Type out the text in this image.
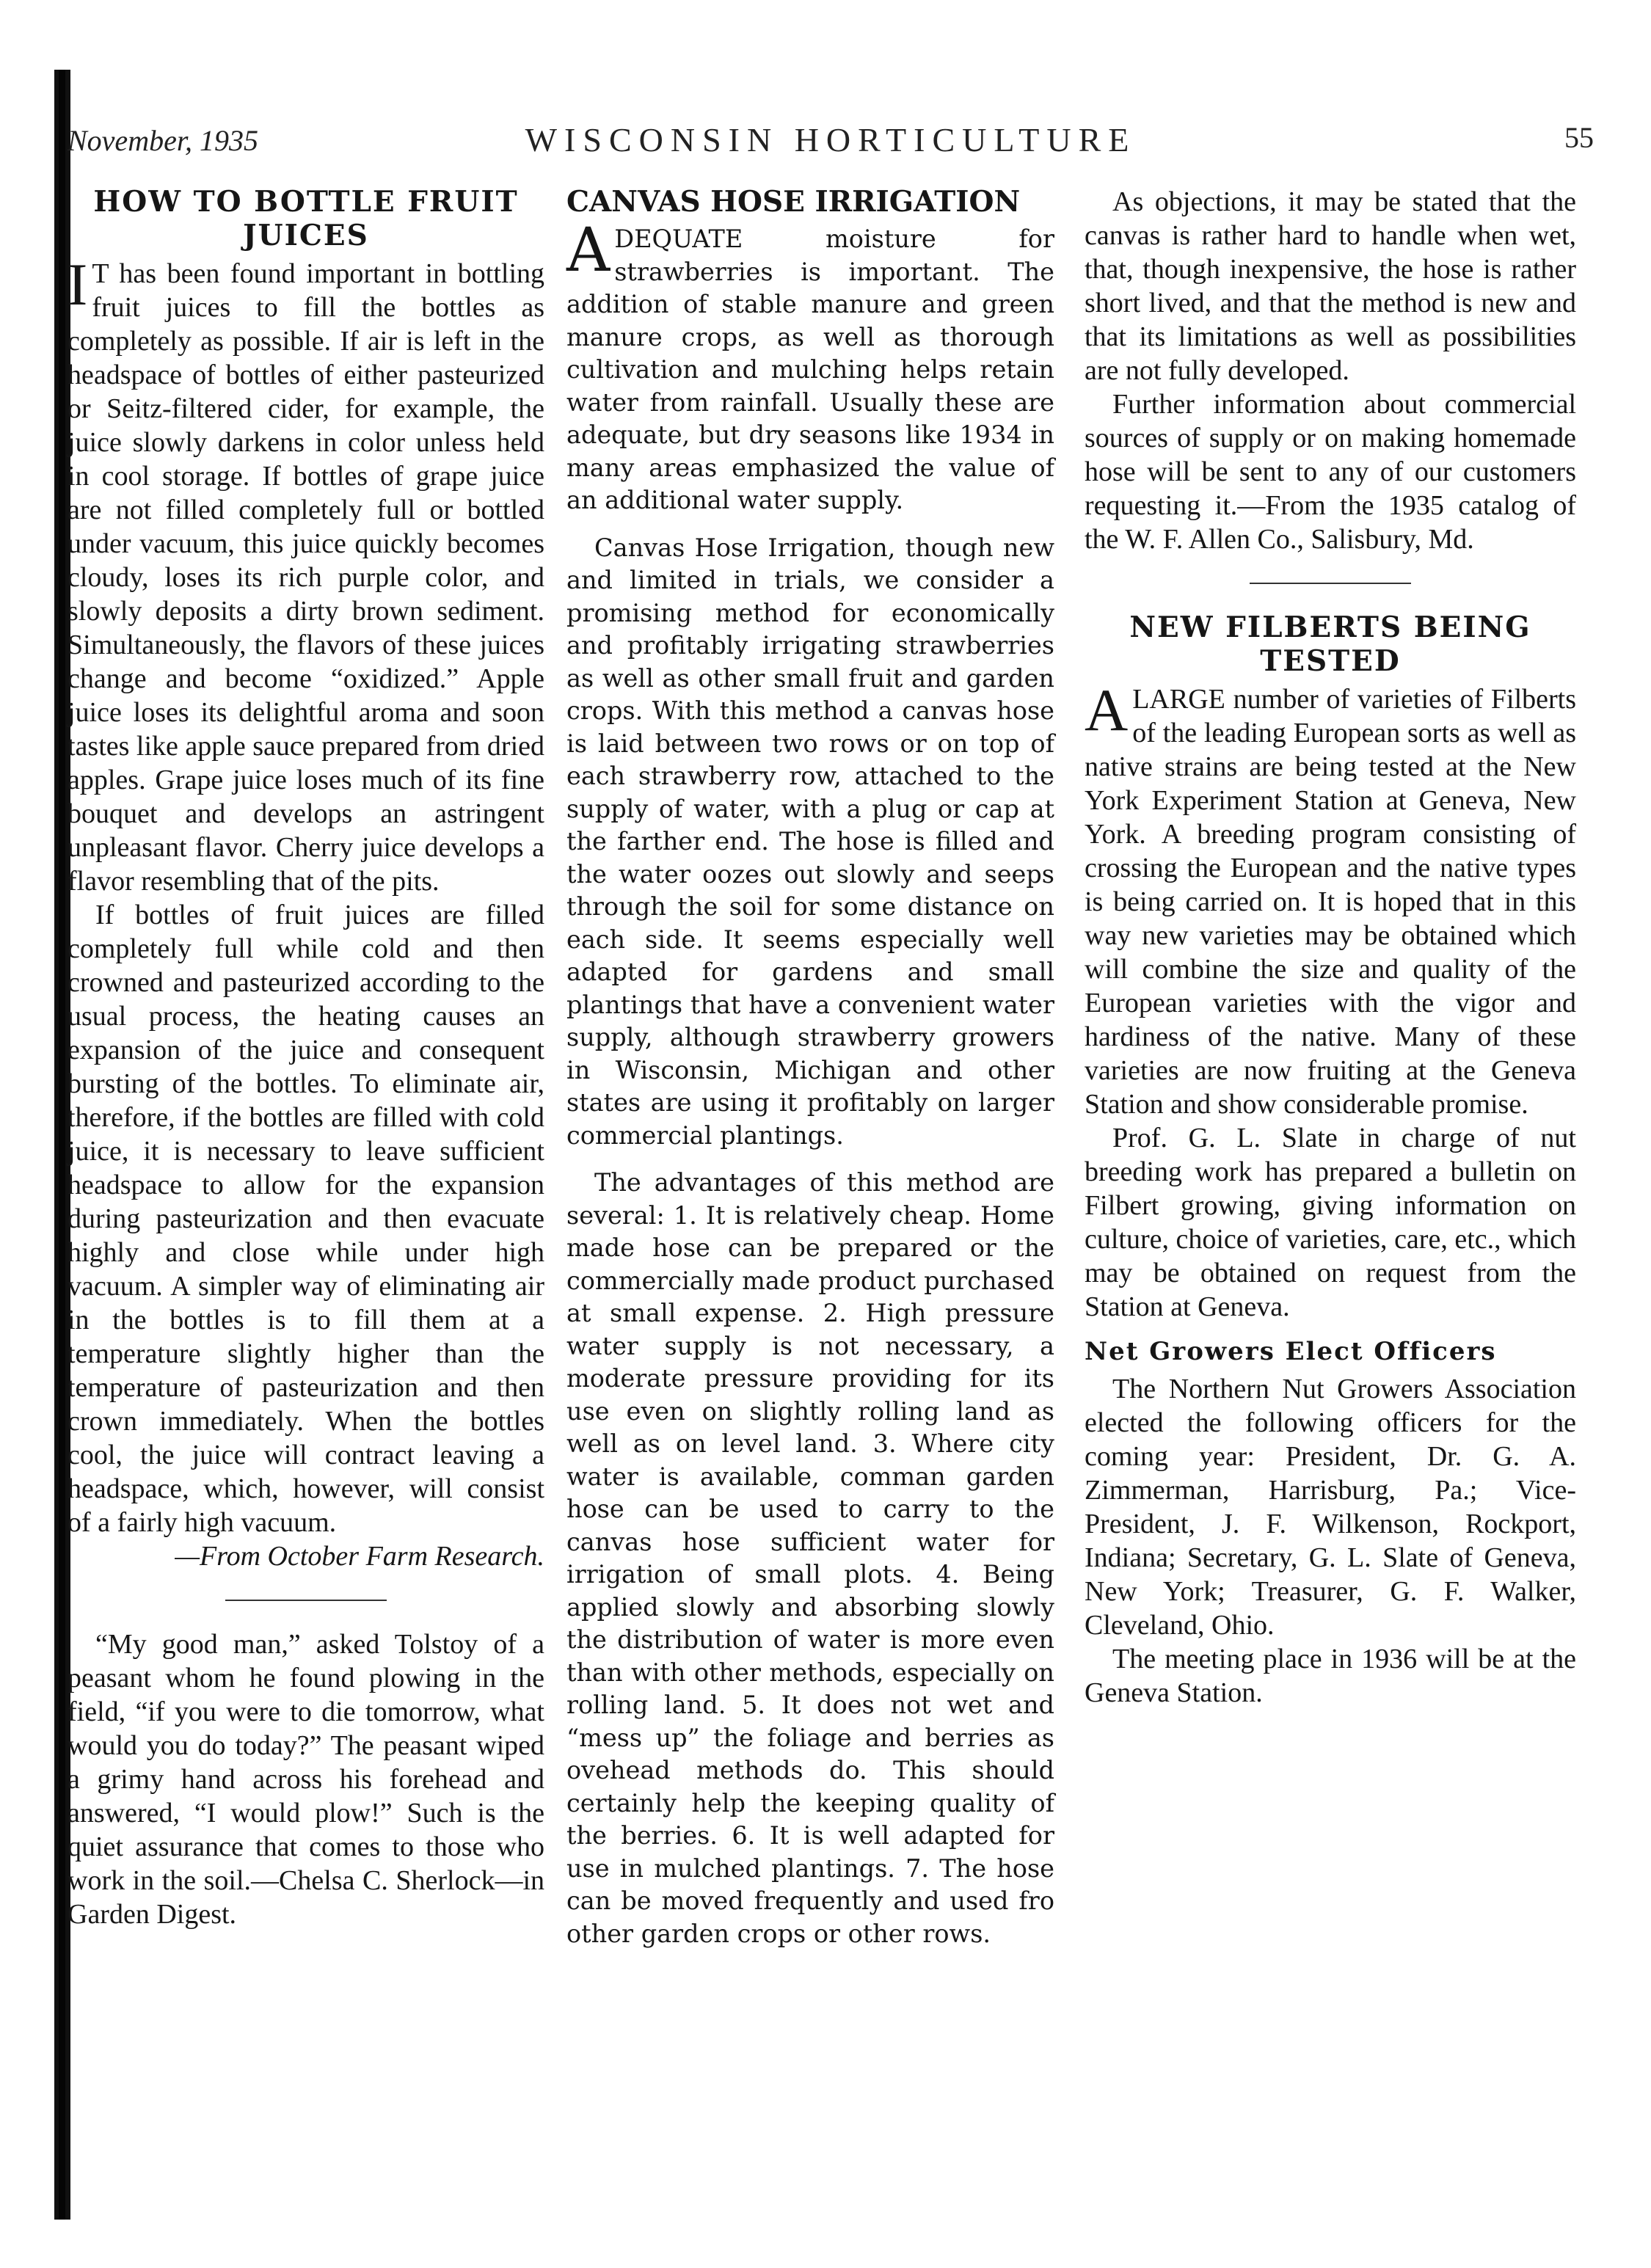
November, 1935	WISCONSIN HORTICULTURE	55
HOW TO BOTTLE FRUIT JUICES

I T has been found important in bottling fruit juices to fill the bottles as completely as possible. If air is left in the headspace of bottles of either pasteurized or Seitz-filtered cider, for example, the juice slowly darkens in color unless held in cool storage. If bottles of grape juice are not filled completely full or bottled under vacuum, this juice quickly becomes cloudy, loses its rich purple color, and slowly deposits a dirty brown sediment. Simultaneously, the flavors of these juices change and become “oxidized.” Apple juice loses its delightful aroma and soon tastes like apple sauce prepared from dried apples. Grape juice loses much of its fine bouquet and develops an astringent unpleasant flavor. Cherry juice develops a flavor resembling that of the pits.

If bottles of fruit juices are filled completely full while cold and then crowned and pasteurized according to the usual process, the heating causes an expansion of the juice and consequent bursting of the bottles. To eliminate air, therefore, if the bottles are filled with cold juice, it is necessary to leave sufficient headspace to allow for the expansion during pasteurization and then evacuate highly and close while under high vacuum. A simpler way of eliminating air in the bottles is to fill them at a temperature slightly higher than the temperature of pasteurization and then crown immediately. When the bottles cool, the juice will contract leaving a headspace, which, however, will consist of a fairly high vacuum.

—From October Farm Research.

“My good man,” asked Tolstoy of a peasant whom he found plowing in the field, “if you were to die tomorrow, what would you do today?” The peasant wiped a grimy hand across his forehead and answered, “I would plow!” Such is the quiet assurance that comes to those who work in the soil.—Chelsa C. Sherlock—in Garden Digest.

CANVAS HOSE IRRIGATION

ADEQUATE moisture for strawberries is important. The addition of stable manure and green manure crops, as well as thorough cultivation and mulching helps retain water from rainfall. Usually these are adequate, but dry seasons like 1934 in many areas emphasized the value of an additional water supply.

Canvas Hose Irrigation, though new and limited in trials, we consider a promising method for economically and profitably irrigating strawberries as well as other small fruit and garden crops. With this method a canvas hose is laid between two rows or on top of each strawberry row, attached to the supply of water, with a plug or cap at the farther end. The hose is filled and the water oozes out slowly and seeps through the soil for some distance on each side. It seems especially well adapted for gardens and small plantings that have a convenient water supply, although strawberry growers in Wisconsin, Michigan and other states are using it profitably on larger commercial plantings.

The advantages of this method are several: 1. It is relatively cheap. Home made hose can be prepared or the commercially made product purchased at small expense. 2. High pressure water supply is not necessary, a moderate pressure providing for its use even on slightly rolling land as well as on level land. 3. Where city water is available, comman garden hose can be used to carry to the canvas hose sufficient water for irrigation of small plots. 4. Being applied slowly and absorbing slowly the distribution of water is more even than with other methods, especially on rolling land. 5. It does not wet and “mess up” the foliage and berries as ovehead methods do. This should certainly help the keeping quality of the berries. 6. It is well adapted for use in mulched plantings. 7. The hose can be moved frequently and used fro other garden crops or other rows.

As objections, it may be stated that the canvas is rather hard to handle when wet, that, though inexpensive, the hose is rather short lived, and that the method is new and that its limitations as well as possibilities are not fully developed.

Further information about commercial sources of supply or on making homemade hose will be sent to any of our customers requesting it.—From the 1935 catalog of the W. F. Allen Co., Salisbury, Md.

NEW FILBERTS BEING TESTED

ALARGE number of varieties of Filberts of the leading European sorts as well as native strains are being tested at the New York Experiment Station at Geneva, New York. A breeding program consisting of crossing the European and the native types is being carried on. It is hoped that in this way new varieties may be obtained which will combine the size and quality of the European varieties with the vigor and hardiness of the native. Many of these varieties are now fruiting at the Geneva Station and show considerable promise.

Prof. G. L. Slate in charge of nut breeding work has prepared a bulletin on Filbert growing, giving information on culture, choice of varieties, care, etc., which may be obtained on request from the Station at Geneva.

Net Growers Elect Officers

The Northern Nut Growers Association elected the following officers for the coming year: President, Dr. G. A. Zimmerman, Harrisburg, Pa.; Vice-President, J. F. Wilkenson, Rockport, Indiana; Secretary, G. L. Slate of Geneva, New York; Treasurer, G. F. Walker, Cleveland, Ohio.

The meeting place in 1936 will be at the Geneva Station.
